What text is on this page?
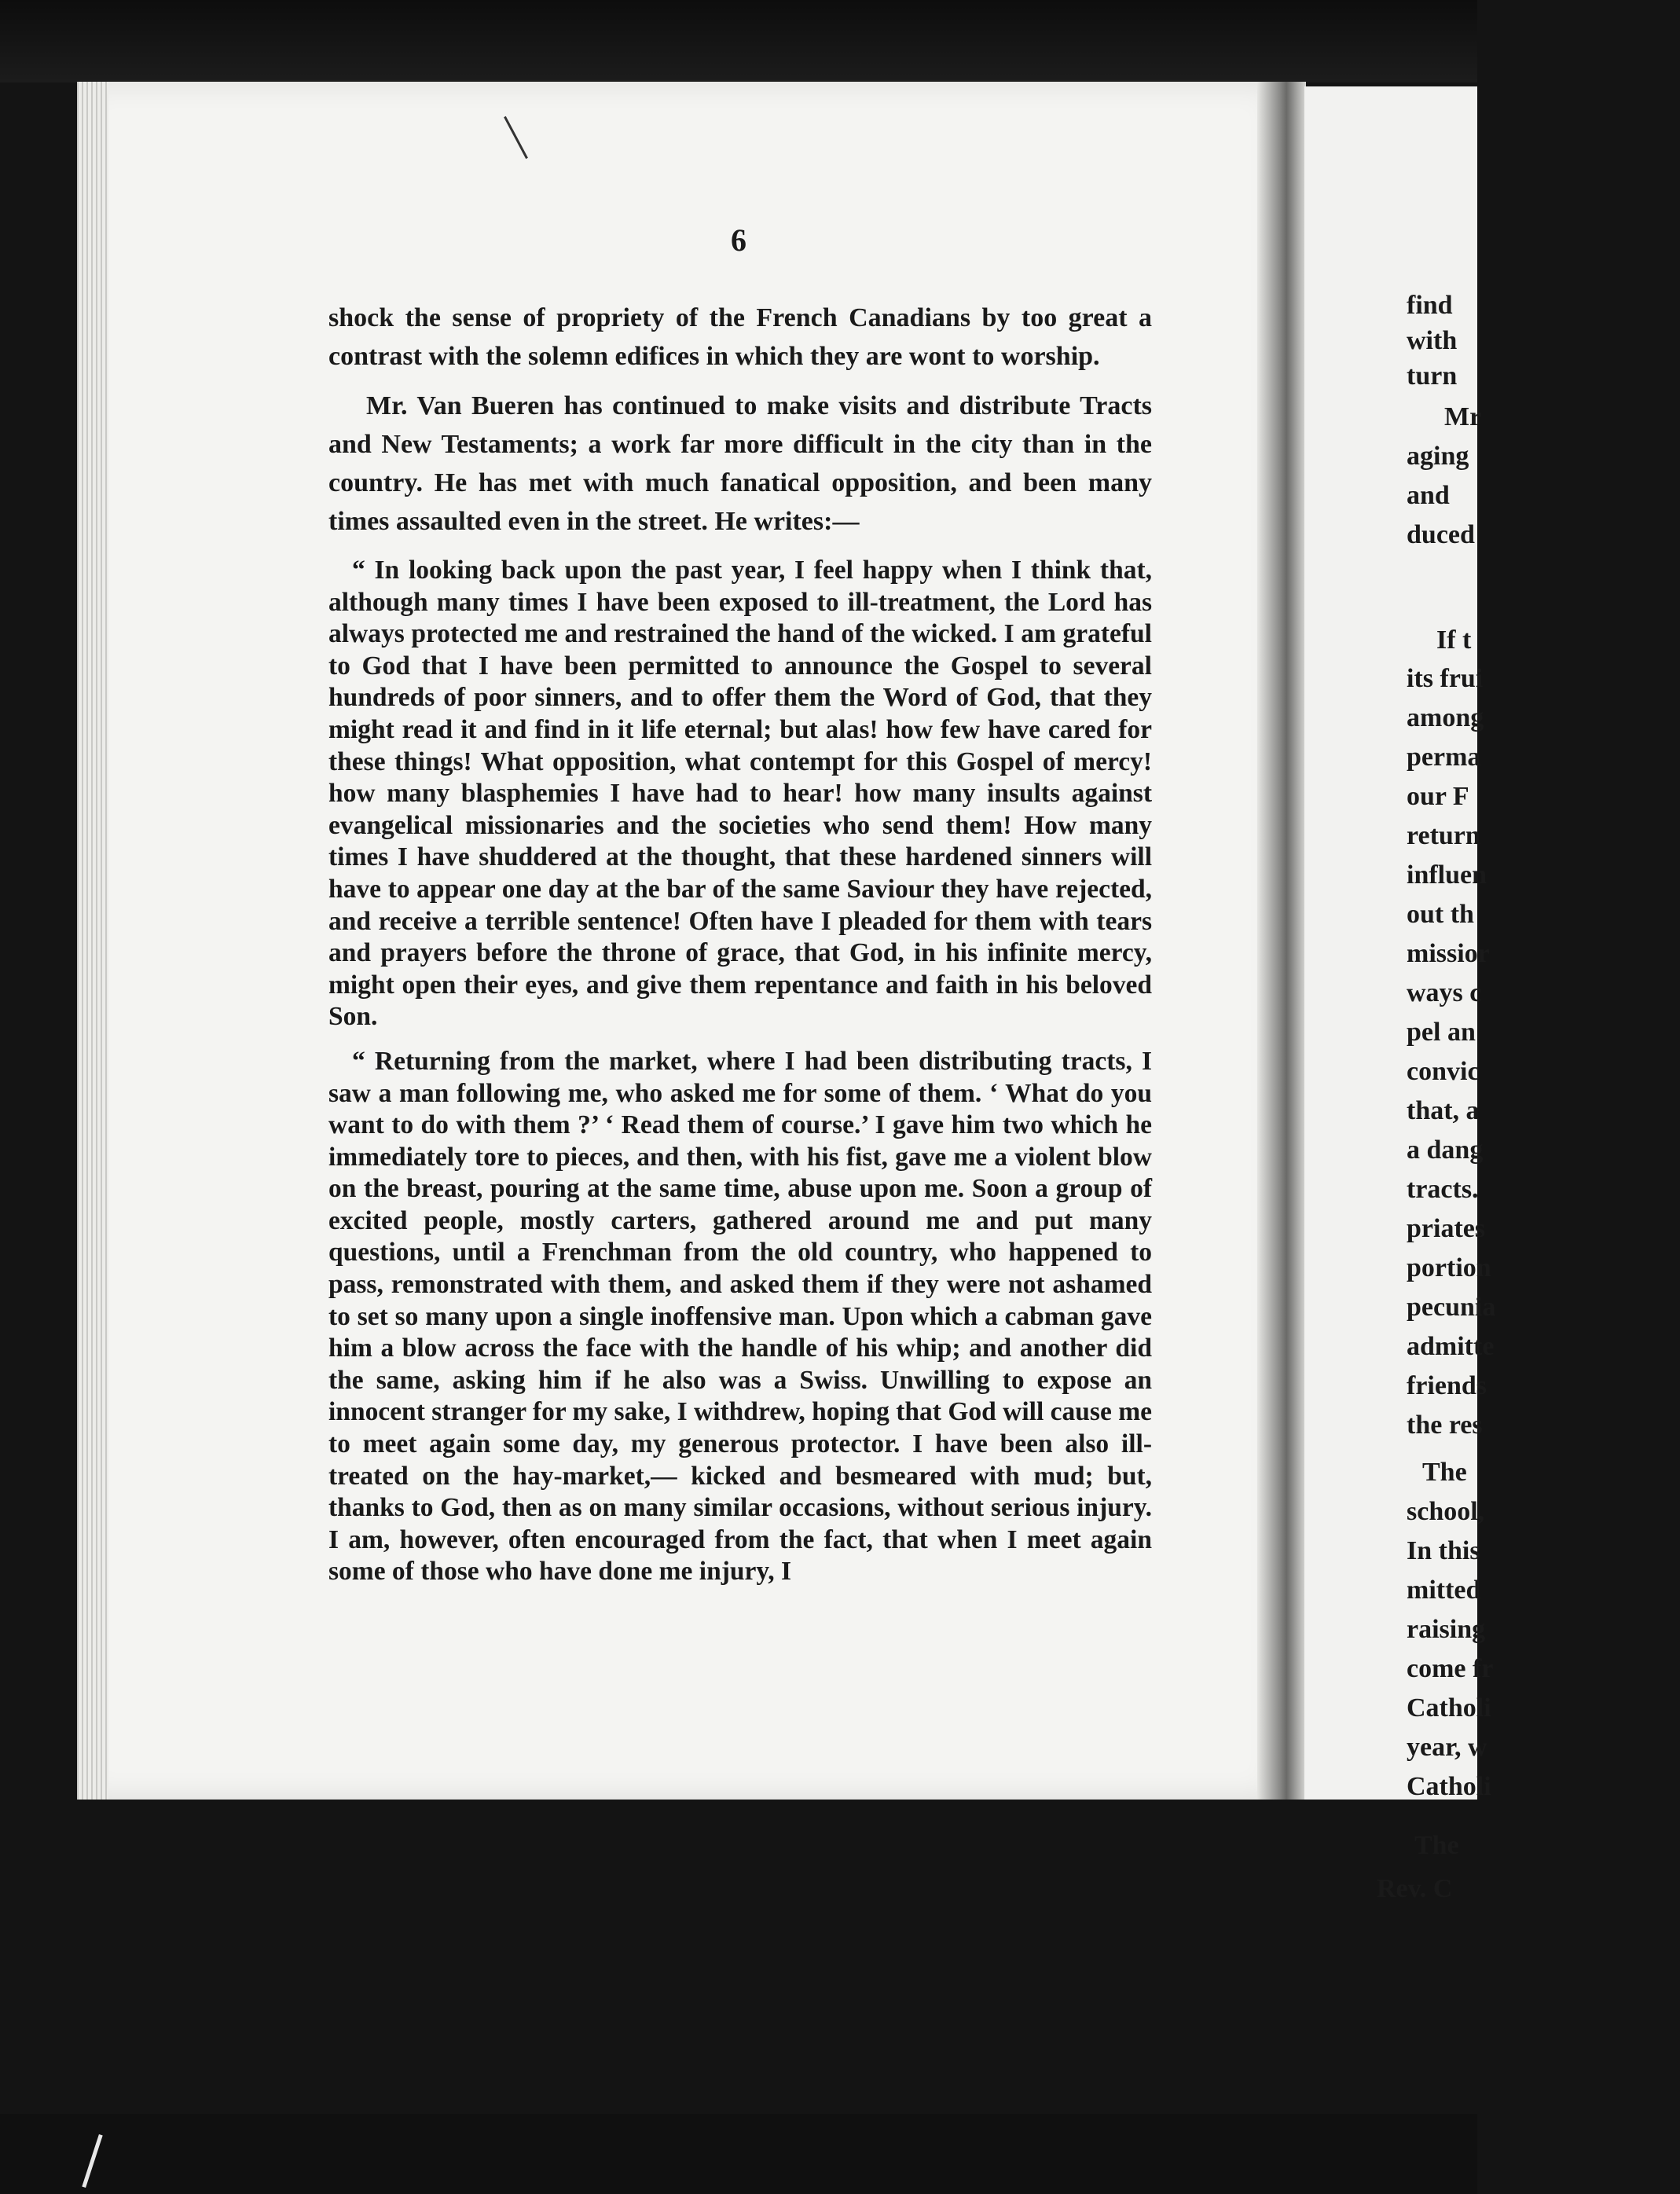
6

shock the sense of propriety of the French Canadians by too great a contrast with the solemn edifices in which they are wont to worship.

Mr. Van Bueren has continued to make visits and distribute Tracts and New Testaments; a work far more difficult in the city than in the country. He has met with much fanatical opposition, and been many times assaulted even in the street. He writes:—

“ In looking back upon the past year, I feel happy when I think that, although many times I have been exposed to ill-treatment, the Lord has always protected me and restrained the hand of the wicked. I am grateful to God that I have been permitted to announce the Gospel to several hundreds of poor sinners, and to offer them the Word of God, that they might read it and find in it life eternal; but alas! how few have cared for these things! What opposition, what contempt for this Gospel of mercy! how many blasphemies I have had to hear! how many insults against evangelical missionaries and the societies who send them! How many times I have shuddered at the thought, that these hardened sinners will have to appear one day at the bar of the same Saviour they have rejected, and receive a terrible sentence! Often have I pleaded for them with tears and prayers before the throne of grace, that God, in his infinite mercy, might open their eyes, and give them repentance and faith in his beloved Son.

“ Returning from the market, where I had been distributing tracts, I saw a man following me, who asked me for some of them. ‘ What do you want to do with them ?’ ‘ Read them of course.’ I gave him two which he immediately tore to pieces, and then, with his fist, gave me a violent blow on the breast, pouring at the same time, abuse upon me. Soon a group of excited people, mostly carters, gathered around me and put many questions, until a Frenchman from the old country, who happened to pass, remonstrated with them, and asked them if they were not ashamed to set so many upon a single inoffensive man. Upon which a cabman gave him a blow across the face with the handle of his whip; and another did the same, asking him if he also was a Swiss. Unwilling to expose an innocent stranger for my sake, I withdrew, hoping that God will cause me to meet again some day, my generous protector. I have been also ill-treated on the hay-market,— kicked and besmeared with mud; but, thanks to God, then as on many similar occasions, without serious injury. I am, however, often encouraged from the fact, that when I meet again some of those who have done me injury, I

find
with
turn
Mr
aging
and
duced
If t
its frui
among
perma
our F
return
influen
out th
missior
ways c
pel an
convic
that, a
a dang
tracts.
priates
portion
pecunia
admitte
friends
the res
The
school,
In this
mitted
raising
come fr
Catholi
year, w
Catholi
The
Rev. C
